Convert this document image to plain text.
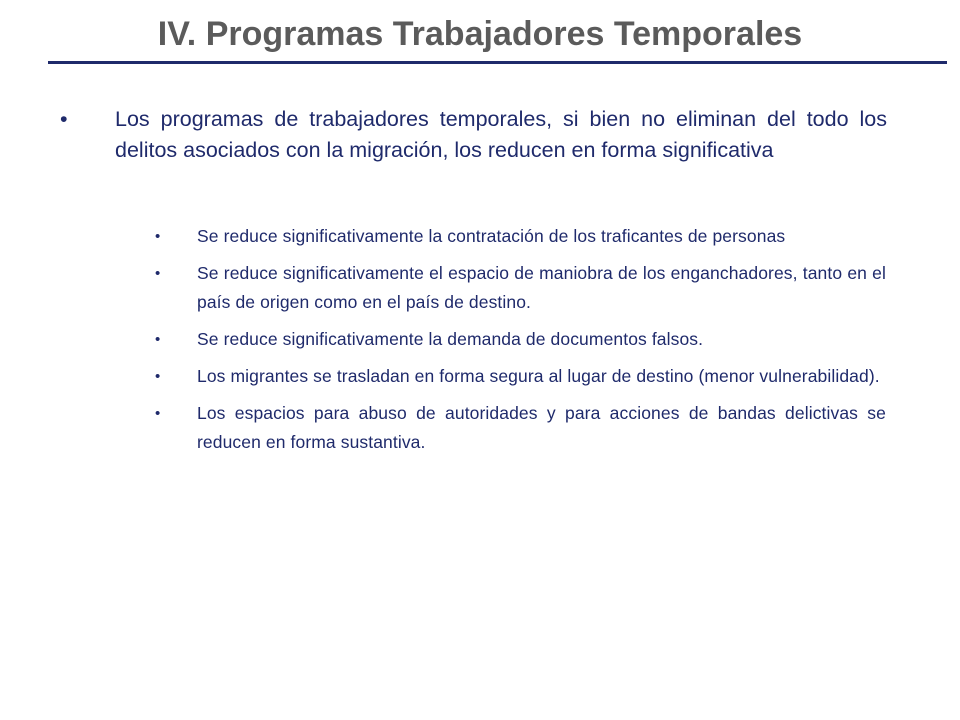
IV. Programas Trabajadores Temporales
• Los programas de trabajadores temporales, si bien no eliminan del todo los delitos asociados con la migración, los reducen en forma significativa
• Se reduce significativamente la contratación de los traficantes de personas
• Se reduce significativamente el espacio de maniobra de los enganchadores, tanto en el país de origen como en el país de destino.
• Se reduce significativamente la demanda de documentos falsos.
• Los migrantes se trasladan en forma segura al lugar de destino (menor vulnerabilidad).
• Los espacios para abuso de autoridades y para acciones de bandas delictivas se reducen en forma sustantiva.
